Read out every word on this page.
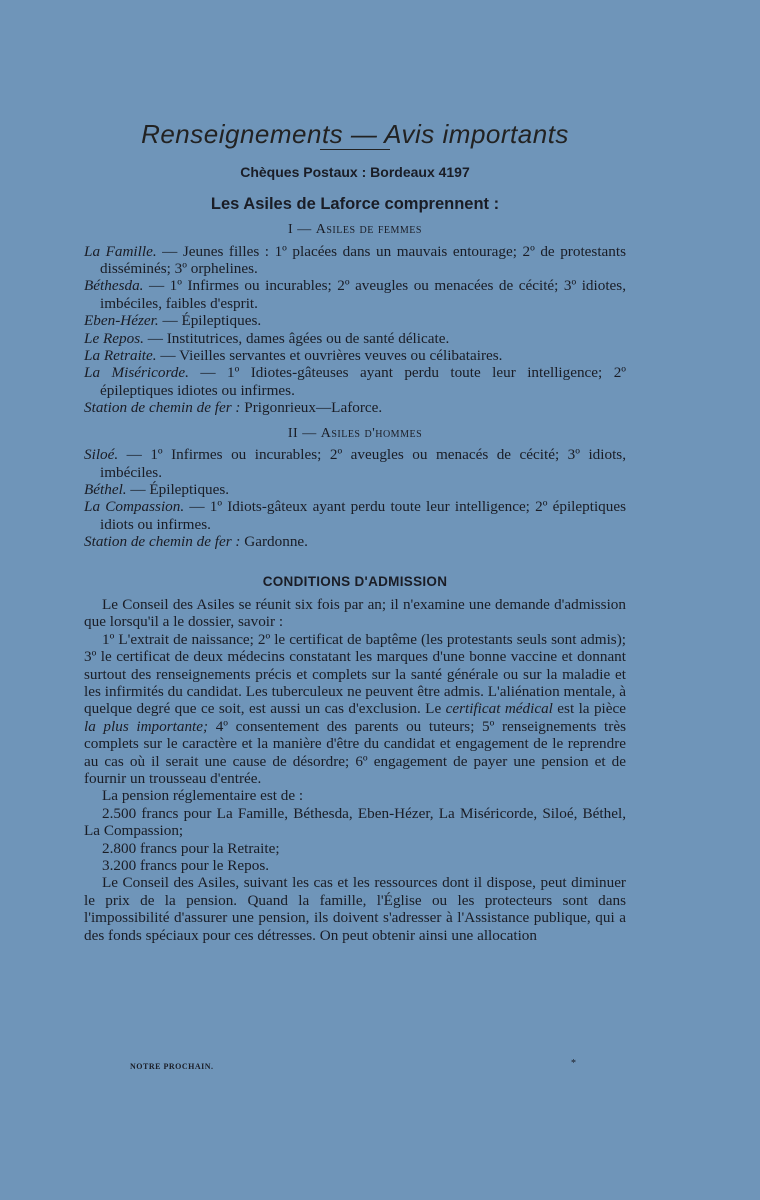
Renseignements — Avis importants
Chèques Postaux : Bordeaux 4197
Les Asiles de Laforce comprennent :
I — Asiles de femmes

La Famille. — Jeunes filles : 1º placées dans un mauvais entourage; 2º de protestants disséminés; 3º orphelines.

Béthesda. — 1º Infirmes ou incurables; 2º aveugles ou menacées de cécité; 3º idiotes, imbéciles, faibles d'esprit.

Eben-Hézer. — Épileptiques.

Le Repos. — Institutrices, dames âgées ou de santé délicate.

La Retraite. — Vieilles servantes et ouvrières veuves ou célibataires.

La Miséricorde. — 1º Idiotes-gâteuses ayant perdu toute leur intelligence; 2º épileptiques idiotes ou infirmes.

Station de chemin de fer : Prigonrieux—Laforce.

II — Asiles d'hommes

Siloé. — 1º Infirmes ou incurables; 2º aveugles ou menacés de cécité; 3º idiots, imbéciles.

Béthel. — Épileptiques.

La Compassion. — 1º Idiots-gâteux ayant perdu toute leur intelligence; 2º épileptiques idiots ou infirmes.

Station de chemin de fer : Gardonne.

CONDITIONS D'ADMISSION

Le Conseil des Asiles se réunit six fois par an; il n'examine une demande d'admission que lorsqu'il a le dossier, savoir :

1º L'extrait de naissance; 2º le certificat de baptême (les protestants seuls sont admis); 3º le certificat de deux médecins constatant les marques d'une bonne vaccine et donnant surtout des renseignements précis et complets sur la santé générale ou sur la maladie et les infirmités du candidat. Les tuberculeux ne peuvent être admis. L'aliénation mentale, à quelque degré que ce soit, est aussi un cas d'exclusion. Le certificat médical est la pièce la plus importante; 4º consentement des parents ou tuteurs; 5º renseignements très complets sur le caractère et la manière d'être du candidat et engagement de le reprendre au cas où il serait une cause de désordre; 6º engagement de payer une pension et de fournir un trousseau d'entrée.

La pension réglementaire est de :

2.500 francs pour La Famille, Béthesda, Eben-Hézer, La Miséricorde, Siloé, Béthel, La Compassion;

2.800 francs pour la Retraite;

3.200 francs pour le Repos.

Le Conseil des Asiles, suivant les cas et les ressources dont il dispose, peut diminuer le prix de la pension. Quand la famille, l'Église ou les protecteurs sont dans l'impossibilité d'assurer une pension, ils doivent s'adresser à l'Assistance publique, qui a des fonds spéciaux pour ces détresses. On peut obtenir ainsi une allocation

NOTRE PROCHAIN.	*
